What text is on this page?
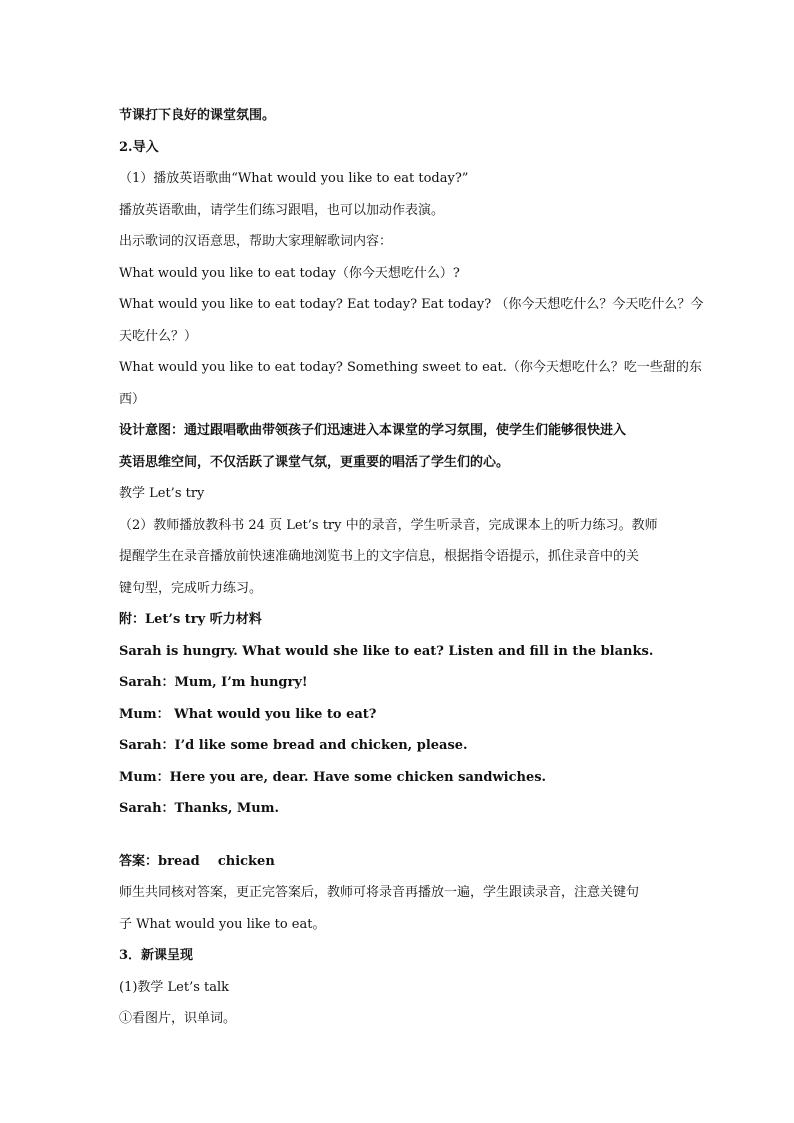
节课打下良好的课堂氛围。

2.导入

（1）播放英语歌曲“What would you like to eat today?”

播放英语歌曲，请学生们练习跟唱，也可以加动作表演。

出示歌词的汉语意思，帮助大家理解歌词内容：

What would you like to eat today（你今天想吃什么）?

What would you like to eat today? Eat today? Eat today? （你今天想吃什么？今天吃什么？今

天吃什么？）

What would you like to eat today? Something sweet to eat.（你今天想吃什么？吃一些甜的东

西）

设计意图：通过跟唱歌曲带领孩子们迅速进入本课堂的学习氛围，使学生们能够很快进入

英语思维空间，不仅活跃了课堂气氛，更重要的唱活了学生们的心。

教学 Let’s try

（2）教师播放教科书 24 页 Let’s try 中的录音，学生听录音，完成课本上的听力练习。教师

提醒学生在录音播放前快速准确地浏览书上的文字信息，根据指令语提示，抓住录音中的关

键句型，完成听力练习。

附：Let’s try 听力材料

Sarah is hungry. What would she like to eat? Listen and fill in the blanks.

Sarah：Mum, I’m hungry!

Mum： What would you like to eat?

Sarah：I’d like some bread and chicken, please.

Mum：Here you are, dear. Have some chicken sandwiches.

Sarah：Thanks, Mum.

答案：bread    chicken

师生共同核对答案，更正完答案后，教师可将录音再播放一遍，学生跟读录音，注意关键句

子 What would you like to eat。

3．新课呈现

(1)教学 Let’s talk

①看图片，识单词。
